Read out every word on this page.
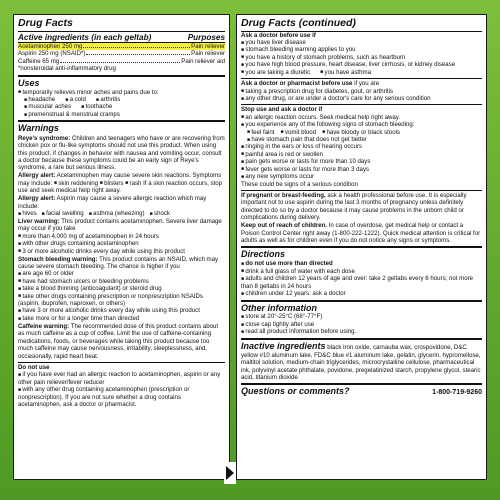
Drug Facts
Active ingredients (in each geltab)	Purposes
Acetaminophen 250 mg	Pain reliever
Aspirin 250 mg (NSAID*)	Pain reliever
Caffeine 65 mg	Pain reliever aid
*nonsteroidal anti-inflammatory drug
Uses
■ temporarily relieves minor aches and pains due to:
■ headache	■ a cold	■ arthritis
■ muscular aches	■ toothache
■ premenstrual & menstrual cramps
Warnings
Reye's syndrome: Children and teenagers who have or are recovering from chicken pox or flu-like symptoms should not use this product. When using this product, if changes in behavior with nausea and vomiting occur, consult a doctor because these symptoms could be an early sign of Reye's syndrome, a rare but serious illness.
Allergy alert: Acetaminophen may cause severe skin reactions. Symptoms may include: ■ skin reddening ■ blisters ■ rash If a skin reaction occurs, stop use and seek medical help right away.
Allergy alert: Aspirin may cause a severe allergic reaction which may include:
■ hives	■ facial swelling	■ asthma (wheezing)	■ shock
Liver warning: This product contains acetaminophen. Severe liver damage may occur if you take
■ more than 4,000 mg of acetaminophen in 24 hours
■ with other drugs containing acetaminophen
■ 3 or more alcoholic drinks every day while using this product
Stomach bleeding warning: This product contains an NSAID, which may cause severe stomach bleeding. The chance is higher if you
■ are age 60 or older
■ have had stomach ulcers or bleeding problems
■ take a blood thinning (anticoagulant) or steroid drug
■ take other drugs containing prescription or nonprescription NSAIDs (aspirin, ibuprofen, naproxen, or others)
■ have 3 or more alcoholic drinks every day while using this product
■ take more or for a longer time than directed
Caffeine warning: The recommended dose of this product contains about as much caffeine as a cup of coffee. Limit the use of caffeine-containing medications, foods, or beverages while taking this product because too much caffeine may cause nervousness, irritability, sleeplessness, and, occasionally, rapid heart beat.
Do not use
■ if you have ever had an allergic reaction to acetaminophen, aspirin or any other pain reliever/fever reducer
■ with any other drug containing acetaminophen (prescription or nonprescription). If you are not sure whether a drug contains acetaminophen, ask a doctor or pharmacist.
Drug Facts (continued)
Ask a doctor before use if
■ you have liver disease
■ stomach bleeding warning applies to you
■ you have a history of stomach problems, such as heartburn
■ you have high blood pressure, heart disease, liver cirrhosis, or kidney disease
■ you are taking a diuretic	■ you have asthma
Ask a doctor or pharmacist before use if you are
■ taking a prescription drug for diabetes, gout, or arthritis
■ any other drug, or are under a doctor's care for any serious condition
Stop use and ask a doctor if
■ an allergic reaction occurs. Seek medical help right away.
■ you experience any of the following signs of stomach bleeding:
■ feel faint	■ vomit blood	■ have bloody or black stools
■ have stomach pain that does not get better
■ ringing in the ears or loss of hearing occurs
■ painful area is red or swollen
■ pain gets worse or lasts for more than 10 days
■ fever gets worse or lasts for more than 3 days
■ any new symptoms occur
These could be signs of a serious condition
If pregnant or breast-feeding, ask a health professional before use. It is especially important not to use aspirin during the last 3 months of pregnancy unless definitely directed to do so by a doctor because it may cause problems in the unborn child or complications during delivery.
Keep out of reach of children. In case of overdose, get medical help or contact a Poison Control Center right away (1-800-222-1222). Quick medical attention is critical for adults as well as for children even if you do not notice any signs or symptoms.
Directions
■ do not use more than directed
■ drink a full glass of water with each dose
■ adults and children 12 years of age and over: take 2 geltabs every 6 hours; not more than 8 geltabs in 24 hours
■ children under 12 years: ask a doctor
Other information
■ store at 20°-25°C (68°-77°F)
■ close cap tightly after use
■ read all product information before using.
Inactive ingredients black iron oxide, carnauba wax, crospovidone, D&C yellow #10 aluminum lake, FD&C blue #1 aluminum lake, gelatin, glycerin, hypromellose, maltitol solution, medium-chain triglycerides, microcrystalline cellulose, pharmaceutical ink, polyvinyl acetate phthalate, povidone, pregelatinized starch, propylene glycol, stearic acid, titanium dioxide
Questions or comments?	1-800-719-9260
